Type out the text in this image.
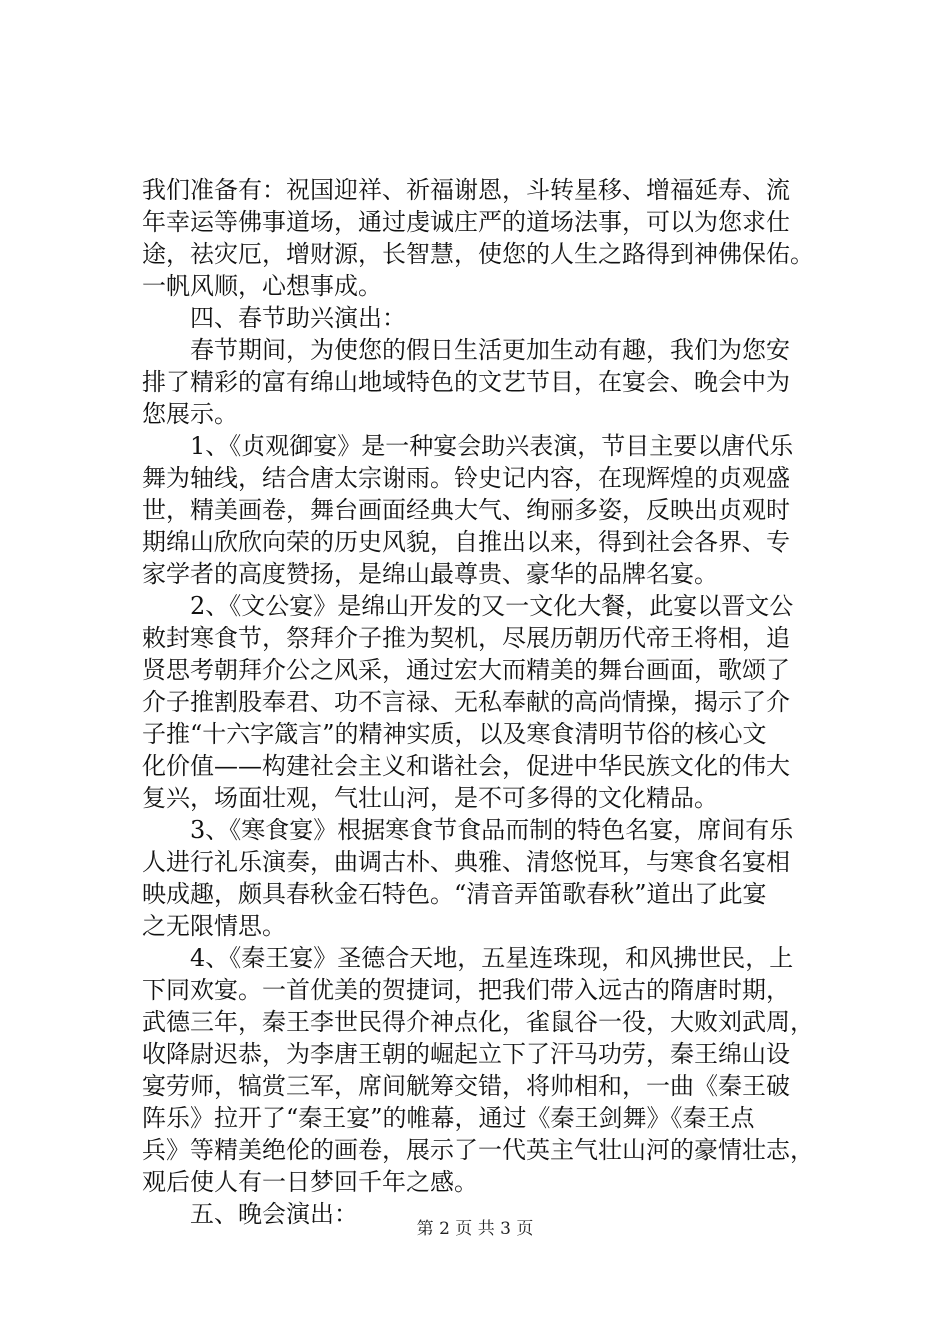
我们准备有：祝国迎祥、祈福谢恩，斗转星移、增福延寿、流
年幸运等佛事道场，通过虔诚庄严的道场法事，可以为您求仕
途，祛灾厄，增财源，长智慧，使您的人生之路得到神佛保佑。
一帆风顺，心想事成。
四、春节助兴演出：
春节期间，为使您的假日生活更加生动有趣，我们为您安
排了精彩的富有绵山地域特色的文艺节目，在宴会、晚会中为
您展示。
1、《贞观御宴》是一种宴会助兴表演，节目主要以唐代乐
舞为轴线，结合唐太宗谢雨。铃史记内容，在现辉煌的贞观盛
世，精美画卷，舞台画面经典大气、绚丽多姿，反映出贞观时
期绵山欣欣向荣的历史风貌，自推出以来，得到社会各界、专
家学者的高度赞扬，是绵山最尊贵、豪华的品牌名宴。
2、《文公宴》是绵山开发的又一文化大餐，此宴以晋文公
敕封寒食节，祭拜介子推为契机，尽展历朝历代帝王将相，追
贤思考朝拜介公之风采，通过宏大而精美的舞台画面，歌颂了
介子推割股奉君、功不言禄、无私奉献的高尚情操，揭示了介
子推“十六字箴言”的精神实质，以及寒食清明节俗的核心文
化价值——构建社会主义和谐社会，促进中华民族文化的伟大
复兴，场面壮观，气壮山河，是不可多得的文化精品。
3、《寒食宴》根据寒食节食品而制的特色名宴，席间有乐
人进行礼乐演奏，曲调古朴、典雅、清悠悦耳，与寒食名宴相
映成趣，颇具春秋金石特色。“清音弄笛歌春秋”道出了此宴
之无限情思。
4、《秦王宴》圣德合天地，五星连珠现，和风拂世民，上
下同欢宴。一首优美的贺捷词，把我们带入远古的隋唐时期，
武德三年，秦王李世民得介神点化，雀鼠谷一役，大败刘武周，
收降尉迟恭，为李唐王朝的崛起立下了汗马功劳，秦王绵山设
宴劳师，犒赏三军，席间觥筹交错，将帅相和，一曲《秦王破
阵乐》拉开了“秦王宴”的帷幕，通过《秦王剑舞》《秦王点
兵》等精美绝伦的画卷，展示了一代英主气壮山河的豪情壮志，
观后使人有一日梦回千年之感。
五、晚会演出：
第 2 页 共 3 页
